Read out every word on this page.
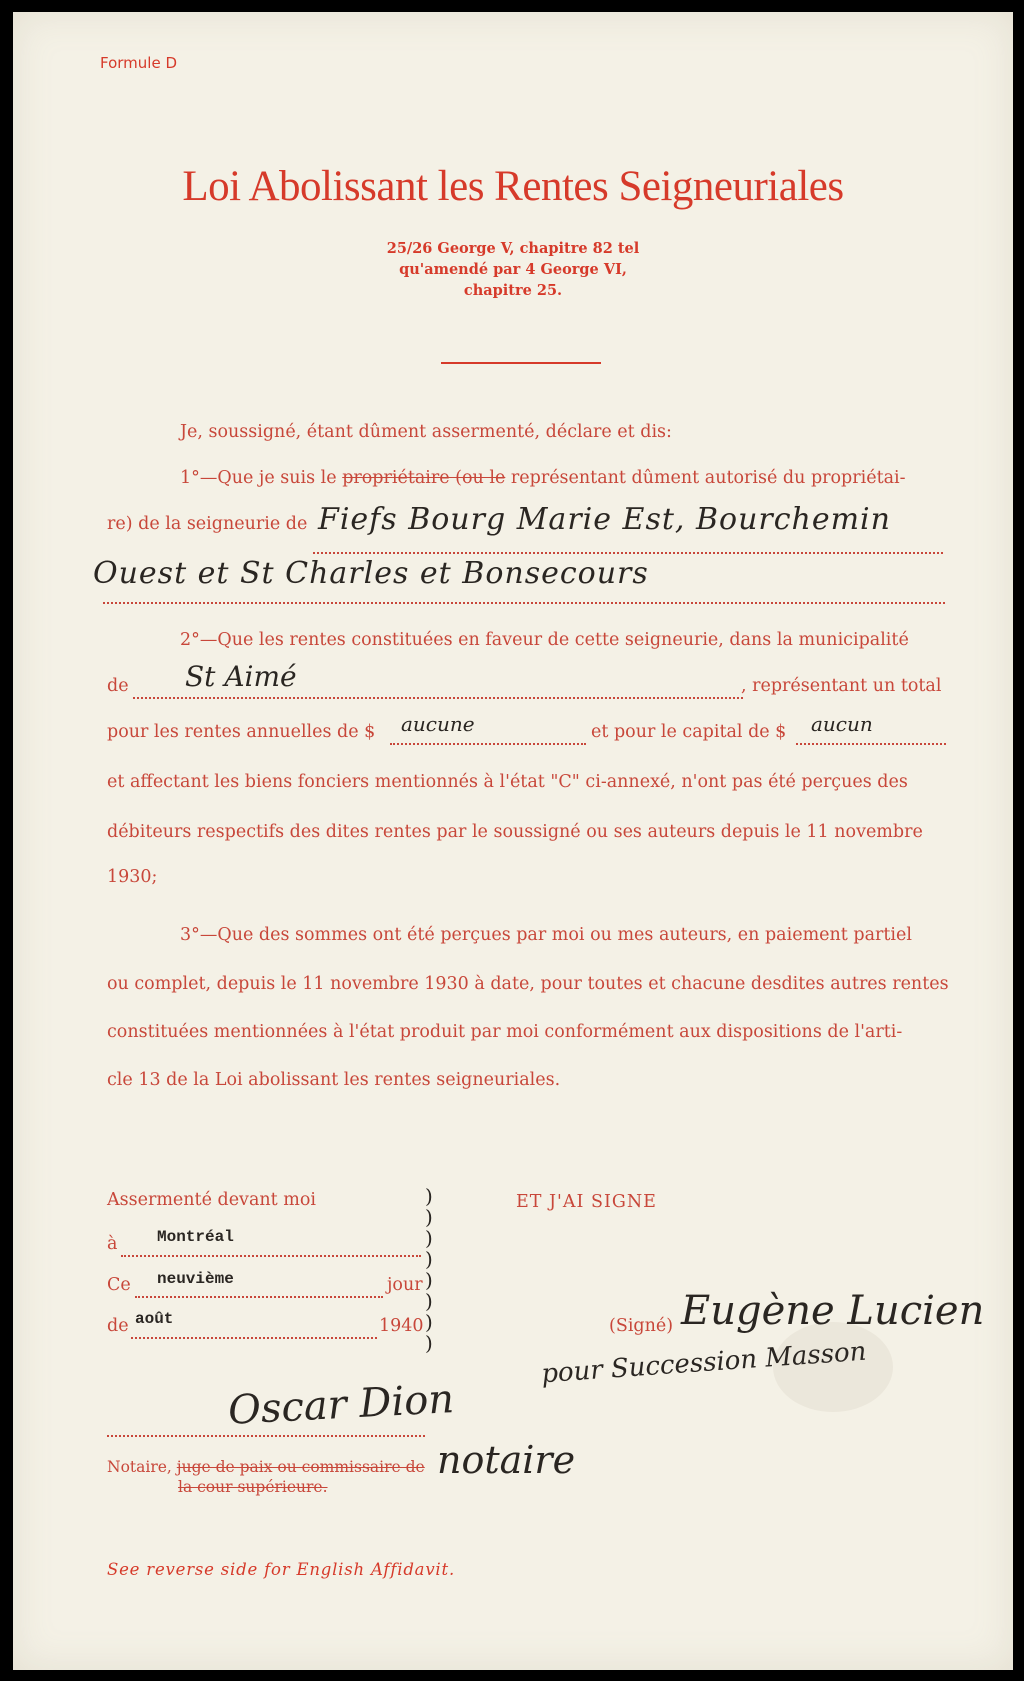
Formule D
Loi Abolissant les Rentes Seigneuriales
25/26 George V, chapitre 82 tel
qu'amendé par 4 George VI,
chapitre 25.
Je, soussigné, étant dûment assermenté, déclare et dis:
1°—Que je suis le propriétaire (ou le représentant dûment autorisé du propriétai-
re) de la seigneurie de Fiefs Bourg Marie Est, Bourchemin
Ouest et St Charles et Bonsecours
2°—Que les rentes constituées en faveur de cette seigneurie, dans la municipalité
de St Aimé	, représentant un total
pour les rentes annuelles de $ aucune	et pour le capital de $ aucun
et affectant les biens fonciers mentionnés à l'état "C" ci-annexé, n'ont pas été perçues des
débiteurs respectifs des dites rentes par le soussigné ou ses auteurs depuis le 11 novembre
1930;
3°—Que des sommes ont été perçues par moi ou mes auteurs, en paiement partiel
ou complet, depuis le 11 novembre 1930 à date, pour toutes et chacune desdites autres rentes
constituées mentionnées à l'état produit par moi conformément aux dispositions de l'arti-
cle 13 de la Loi abolissant les rentes seigneuriales.
Assermenté devant moi	ET J'AI SIGNE
à Montréal
Ce neuvième	jour
de août	1940
)
)
)
)
)
)
)
)
(Signé) Eugène Lucien
pour Succession Masson
Oscar Dion
Notaire, juge de paix ou commissaire de
la cour supérieure.
notaire
See reverse side for English Affidavit.
